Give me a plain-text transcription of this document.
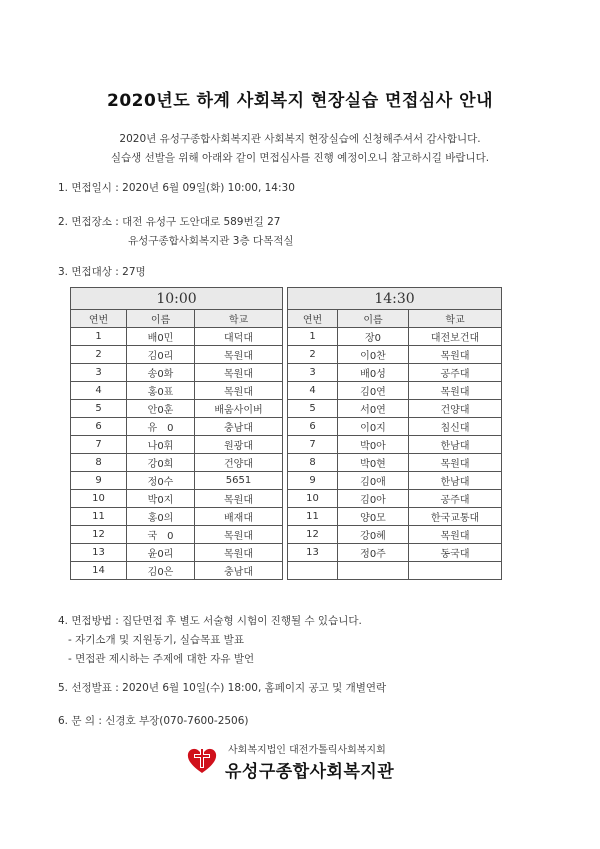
2020년도 하계 사회복지 현장실습 면접심사 안내
2020년 유성구종합사회복지관 사회복지 현장실습에 신청해주셔서 감사합니다.
실습생 선발을 위해 아래와 같이 면접심사를 진행 예정이오니 참고하시길 바랍니다.
1. 면접일시 : 2020년 6월 09일(화) 10:00, 14:30
2. 면접장소 : 대전 유성구 도안대로 589번길 27
유성구종합사회복지관 3층 다목적실
3. 면접대상 : 27명
10:00		
연번	이름	학교
1	배0민	대덕대
2	김0리	목원대
3	송0화	목원대
4	홍0표	목원대
5	안0훈	배움사이버
6	유　0	충남대
7	나0휘	원광대
8	강0희	건양대
9	정0수	5651
10	박0지	목원대
11	홍0의	배재대
12	국　0	목원대
13	윤0리	목원대
14	김0은	충남대
14:30		
연번	이름	학교
1	장0	대전보건대
2	이0찬	목원대
3	배0성	공주대
4	김0연	목원대
5	서0연	건양대
6	이0지	침신대
7	박0아	한남대
8	박0현	목원대
9	김0애	한남대
10	김0아	공주대
11	양0모	한국교통대
12	강0혜	목원대
13	정0주	동국대

4. 면접방법 : 집단면접 후 별도 서술형 시험이 진행될 수 있습니다.
- 자기소개 및 지원동기, 실습목표 발표
- 면접관 제시하는 주제에 대한 자유 발언
5. 선정발표 : 2020년 6월 10일(수) 18:00, 홈페이지 공고 및 개별연락
6. 문 의 : 신경호 부장(070-7600-2506)
사회복지법인 대전가톨릭사회복지회
유성구종합사회복지관
